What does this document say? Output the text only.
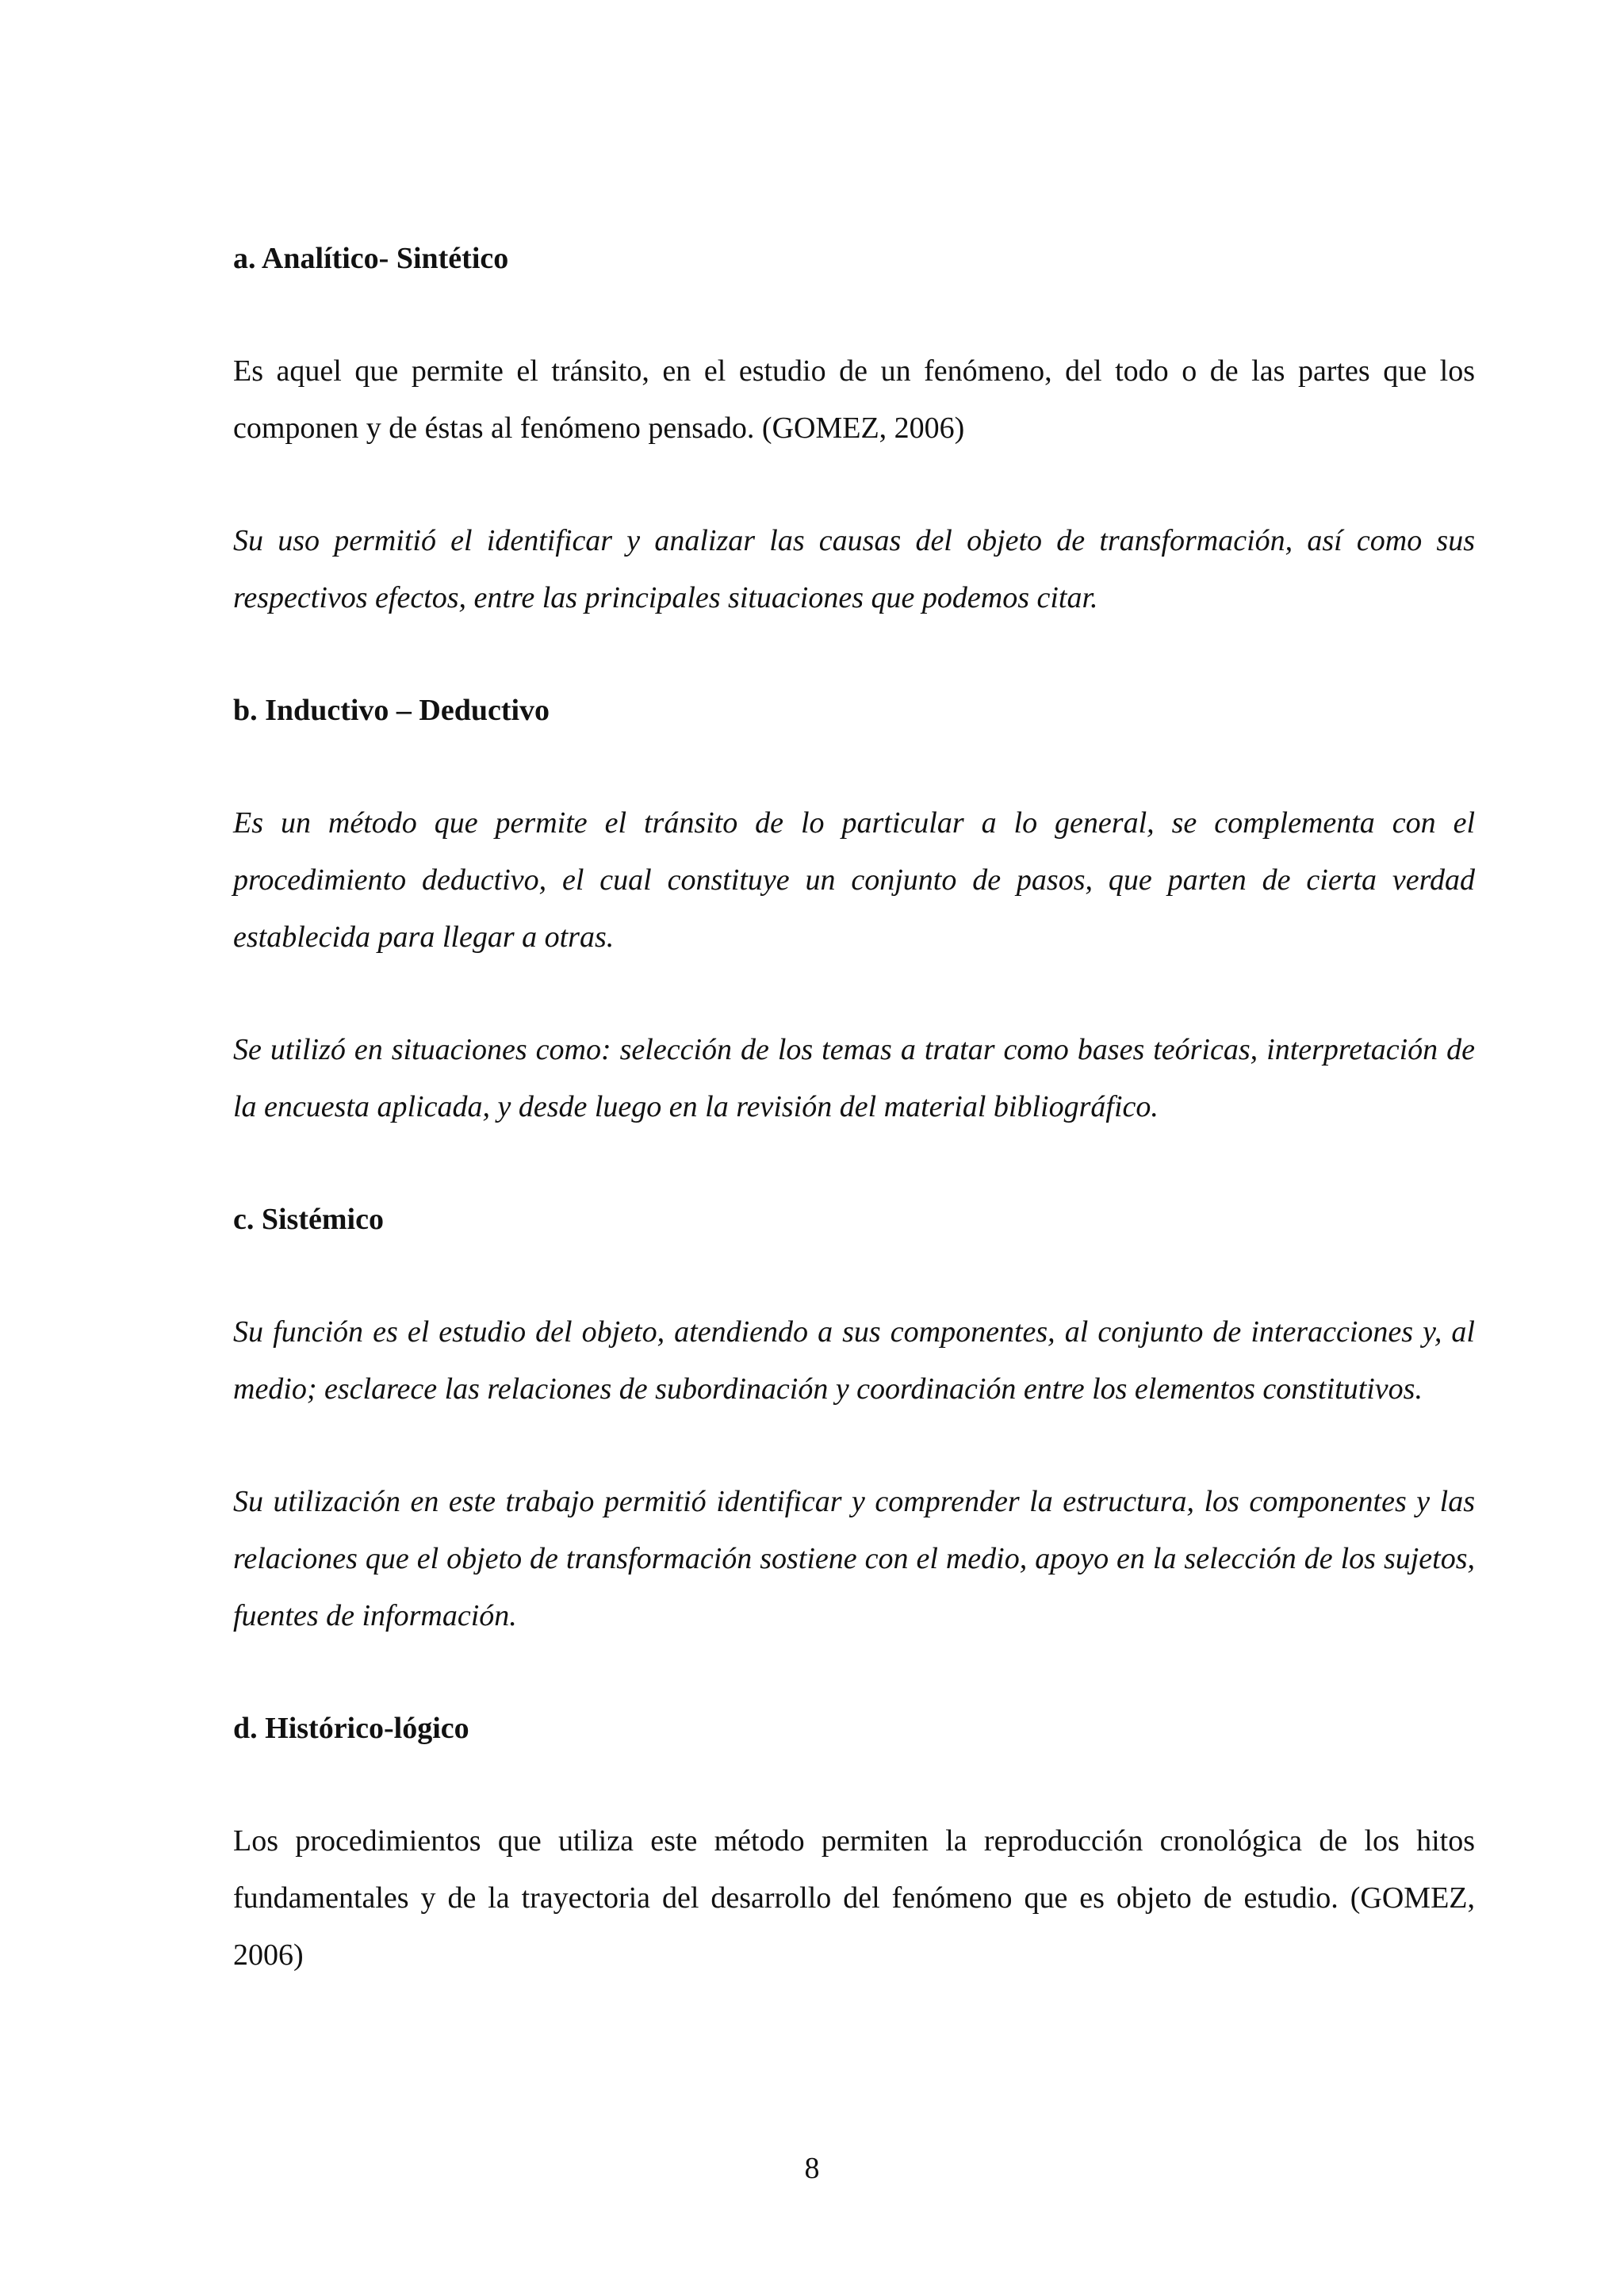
a. Analítico- Sintético

Es aquel que permite el tránsito, en el estudio de un fenómeno, del todo o de las partes que los componen y de éstas al fenómeno pensado. (GOMEZ, 2006)

Su uso permitió el identificar y analizar las causas del objeto de transformación, así como sus respectivos efectos, entre las principales situaciones que podemos citar.

b. Inductivo – Deductivo

Es un método que permite el tránsito de lo particular a lo general, se complementa con el procedimiento deductivo, el cual constituye un conjunto de pasos, que parten de cierta verdad establecida para llegar a otras.

Se utilizó en situaciones como: selección de los temas a tratar como bases teóricas, interpretación de la encuesta aplicada, y desde luego en la revisión del material bibliográfico.

c. Sistémico

Su función es el estudio del objeto, atendiendo a sus componentes, al conjunto de interacciones y, al medio; esclarece las relaciones de subordinación y coordinación entre los elementos constitutivos.

Su utilización en este trabajo permitió identificar y comprender la estructura, los componentes y las relaciones que el objeto de transformación sostiene con el medio, apoyo en la selección de los sujetos, fuentes de información.

d. Histórico-lógico

Los procedimientos que utiliza este método permiten la reproducción cronológica de los hitos fundamentales y de la trayectoria del desarrollo del fenómeno que es objeto de estudio. (GOMEZ, 2006)

8
